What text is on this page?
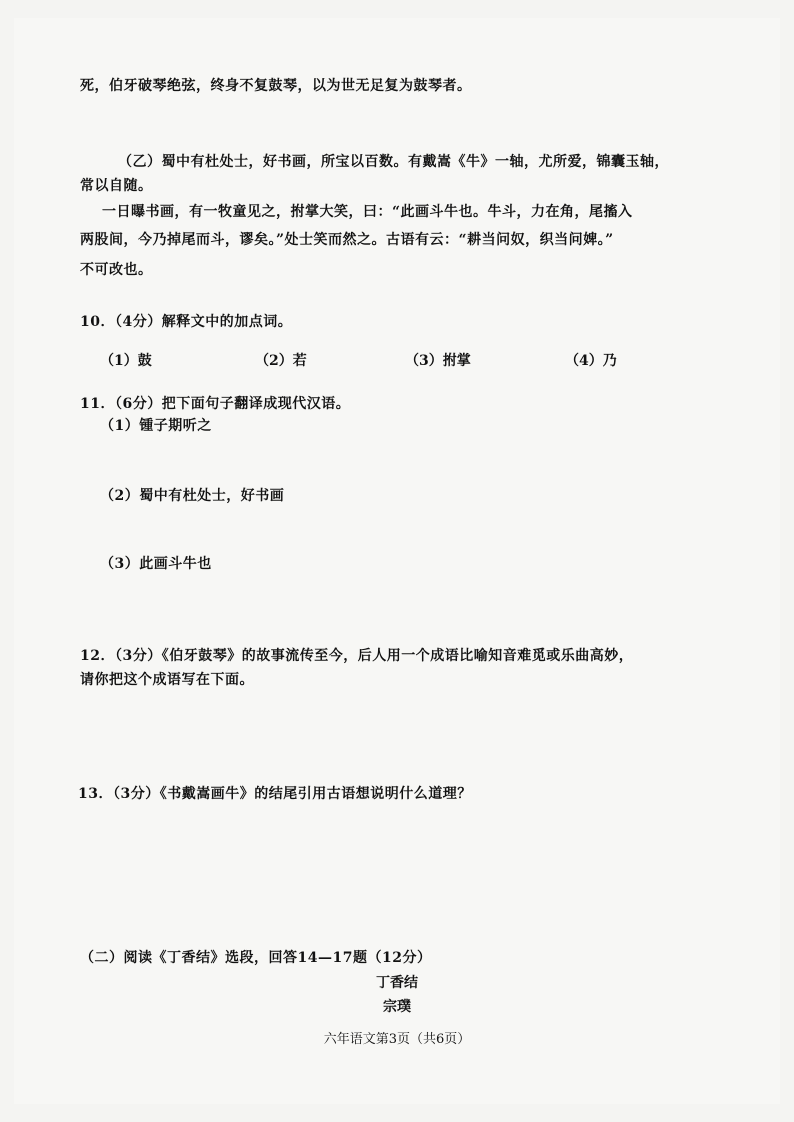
死，伯牙破琴绝弦，终身不复鼓琴，以为世无足复为鼓琴者。
（乙）蜀中有杜处士，好书画，所宝以百数。有戴嵩《牛》一轴，尤所爱，锦囊玉轴，
常以自随。
一日曝书画，有一牧童见之，拊掌大笑，曰：“此画斗牛也。牛斗，力在角，尾搐入
两股间，今乃掉尾而斗，谬矣。”处士笑而然之。古语有云：“耕当问奴，织当问婢。”
不可改也。
10．（4分）解释文中的加点词。
（1）鼓	（2）若	（3）拊掌	（4）乃
11．（6分）把下面句子翻译成现代汉语。
（1）锺子期听之
（2）蜀中有杜处士，好书画
（3）此画斗牛也
12．（3分）《伯牙鼓琴》的故事流传至今，后人用一个成语比喻知音难觅或乐曲高妙，
请你把这个成语写在下面。
13．（3分）《书戴嵩画牛》的结尾引用古语想说明什么道理？
（二）阅读《丁香结》选段，回答14—17题（12分）
丁香结
宗璞
六年语文第3页（共6页）
